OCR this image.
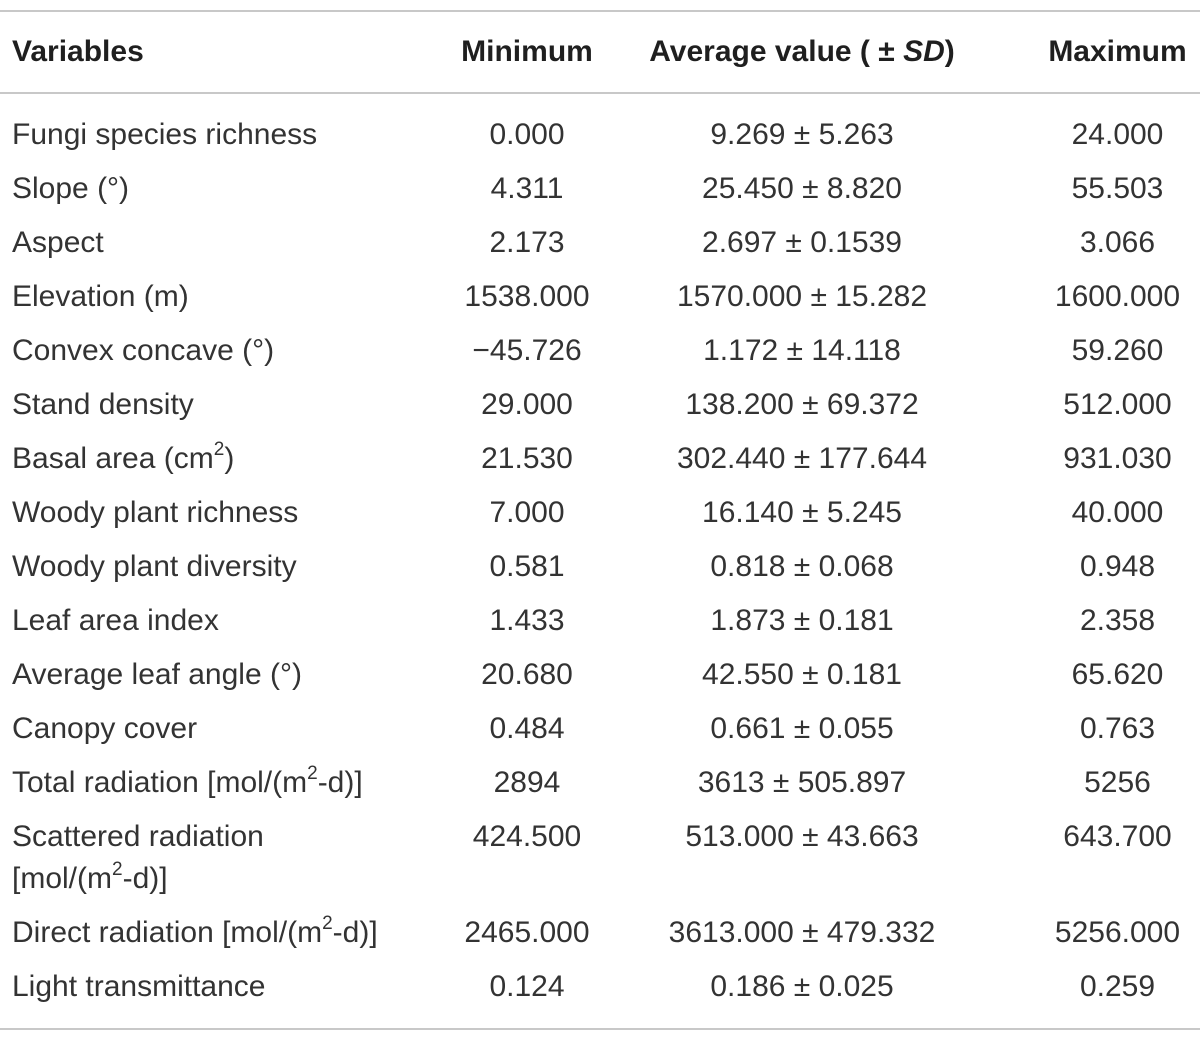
Variables	Minimum	Average value ( ± SD)	Maximum
Fungi species richness	0.000	9.269 ± 5.263	24.000
Slope (°)	4.311	25.450 ± 8.820	55.503
Aspect	2.173	2.697 ± 0.1539	3.066
Elevation (m)	1538.000	1570.000 ± 15.282	1600.000
Convex concave (°)	−45.726	1.172 ± 14.118	59.260
Stand density	29.000	138.200 ± 69.372	512.000
Basal area $(cm^2)$	21.530	302.440 ± 177.644	931.030
Woody plant richness	7.000	16.140 ± 5.245	40.000
Woody plant diversity	0.581	0.818 ± 0.068	0.948
Leaf area index	1.433	1.873 ± 0.181	2.358
Average leaf angle (°)	20.680	42.550 ± 0.181	65.620
Canopy cover	0.484	0.661 ± 0.055	0.763
Total radiation $[mol/(m^2-d)]$	2894	3613 ± 505.897	5256
Scattered radiation $[mol/(m^2-d)]$	424.500	513.000 ± 43.663	643.700
Direct radiation $[mol/(m^2-d)]$	2465.000	3613.000 ± 479.332	5256.000
Light transmittance	0.124	0.186 ± 0.025	0.259
